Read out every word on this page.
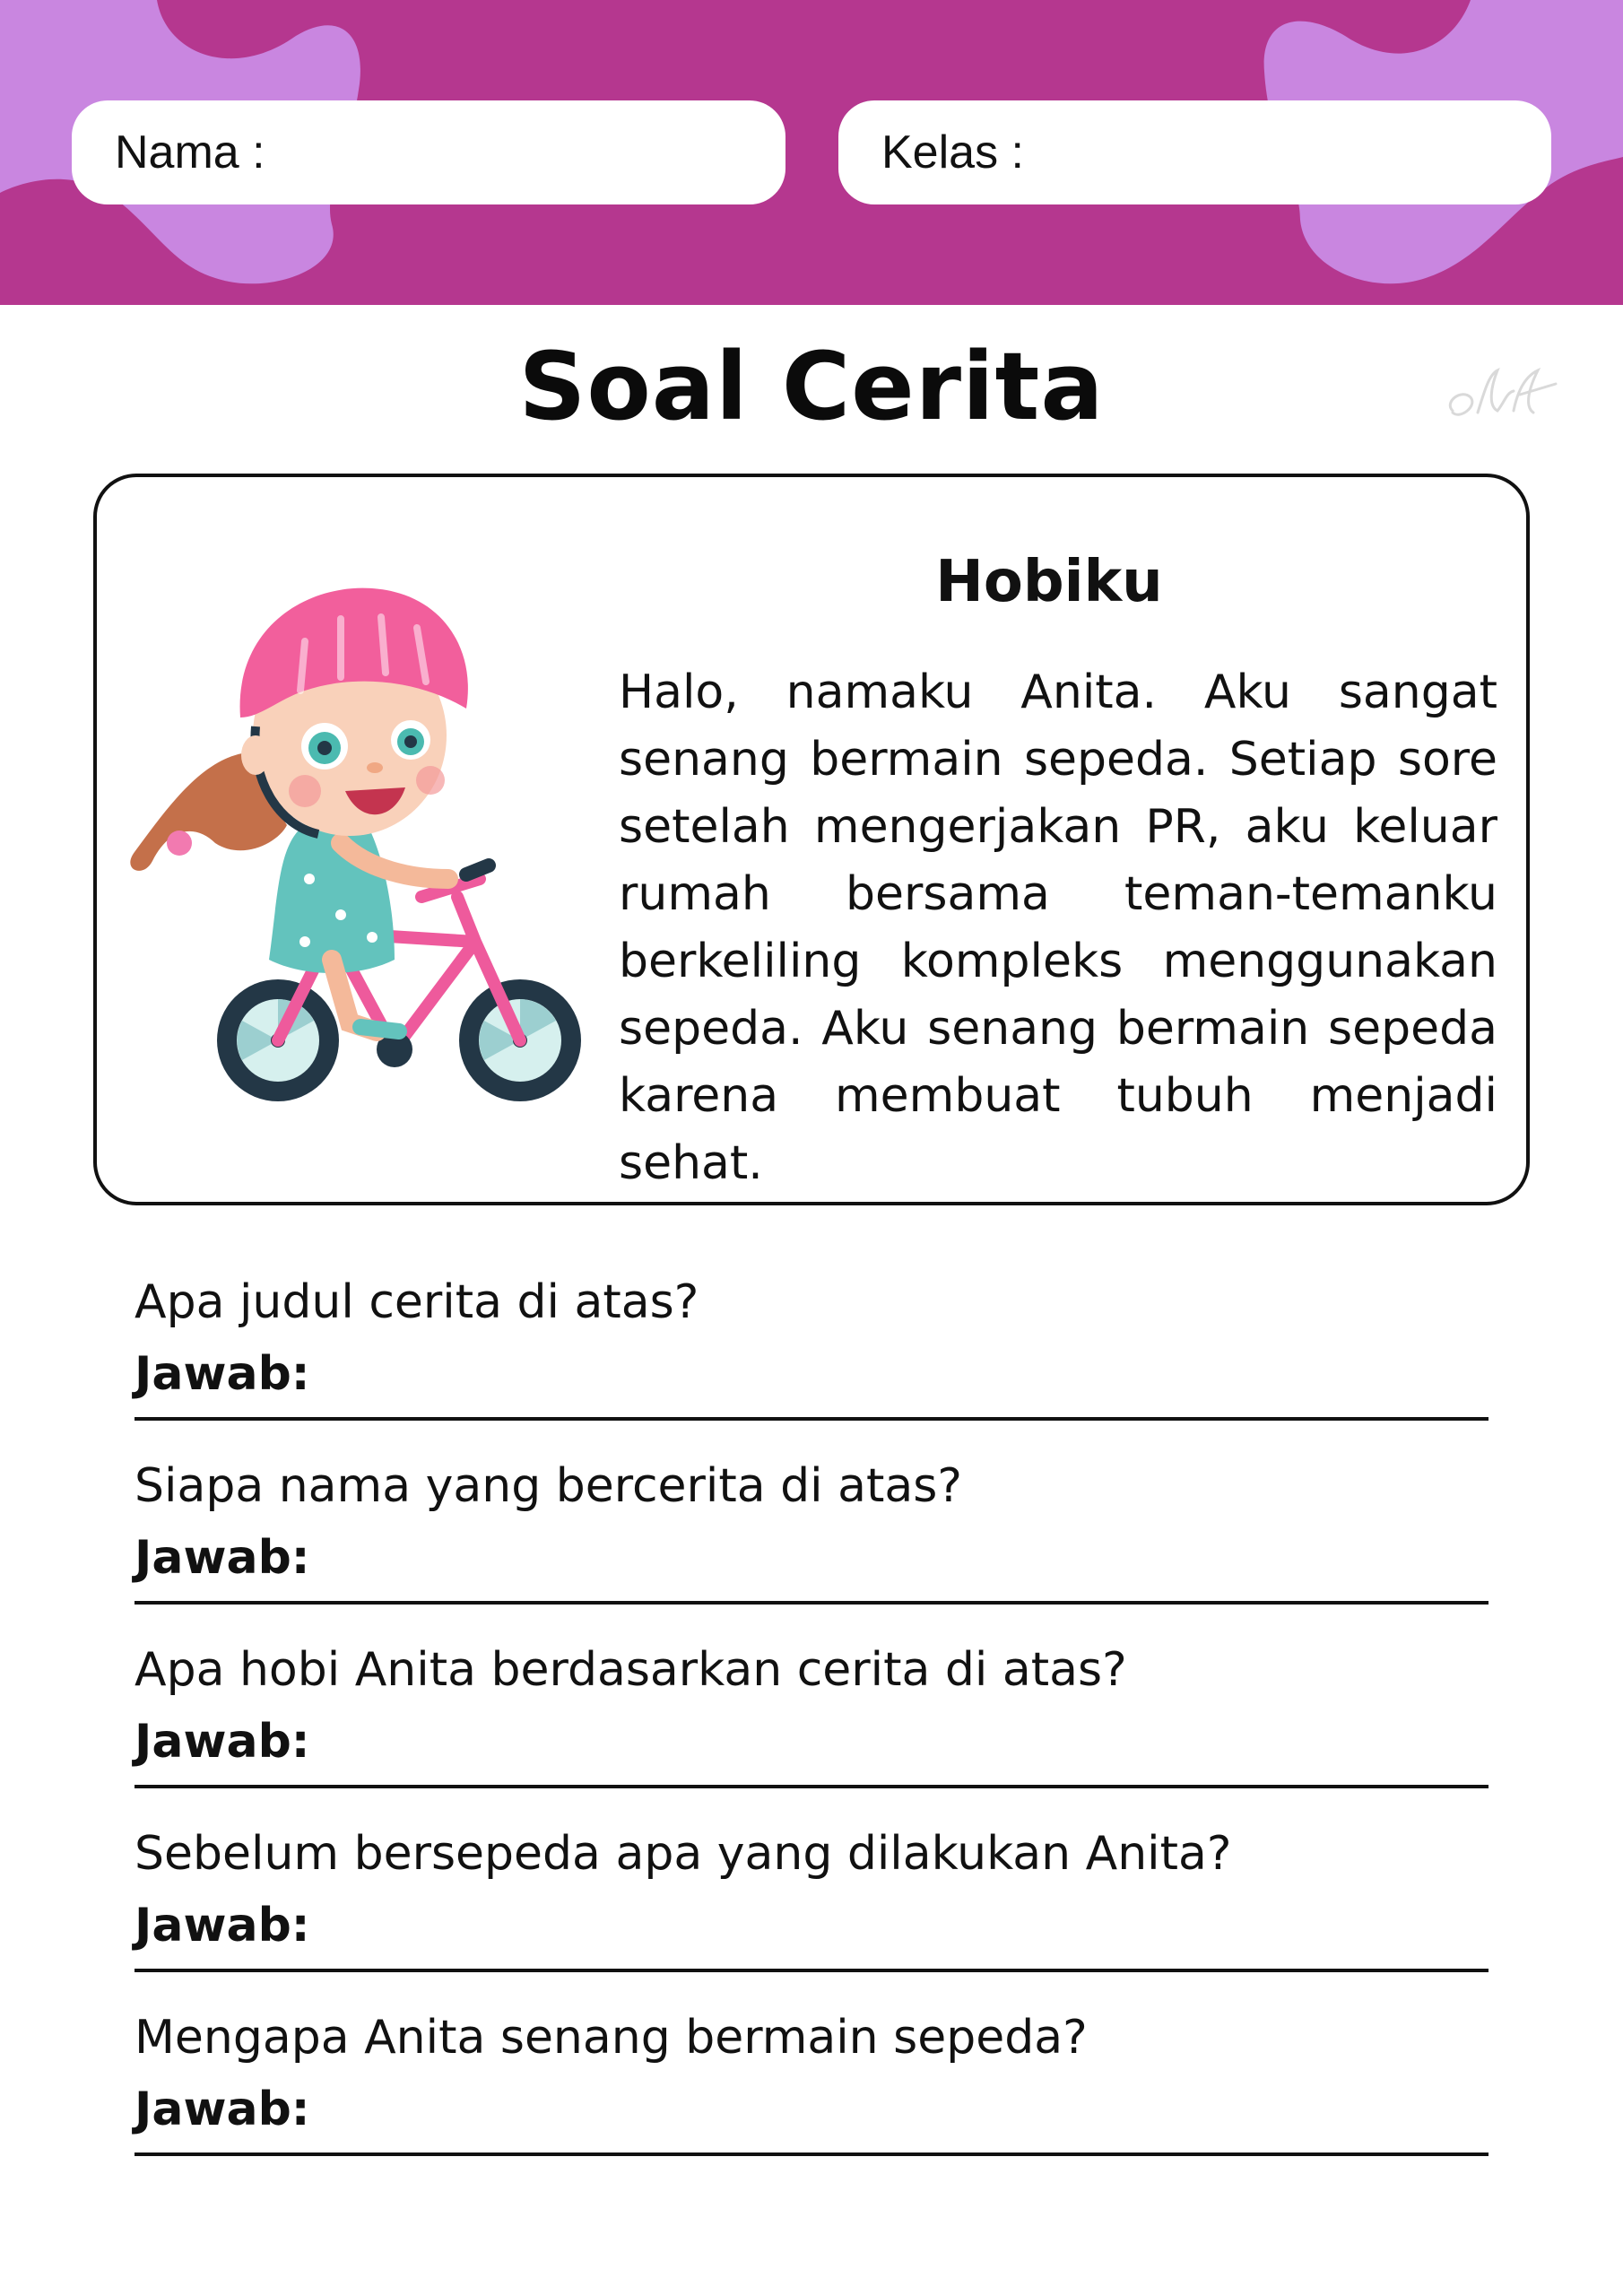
Nama :	Kelas :
Soal Cerita
Hobiku

Halo, namaku Anita. Aku sangat senang bermain sepeda. Setiap sore setelah mengerjakan PR, aku keluar rumah bersama teman-temanku berkeliling kompleks menggunakan sepeda. Aku senang bermain sepeda karena membuat tubuh menjadi sehat.

Apa judul cerita di atas?
Jawab:
Siapa nama yang bercerita di atas?
Jawab:
Apa hobi Anita berdasarkan cerita di atas?
Jawab:
Sebelum bersepeda apa yang dilakukan Anita?
Jawab:
Mengapa Anita senang bermain sepeda?
Jawab:
